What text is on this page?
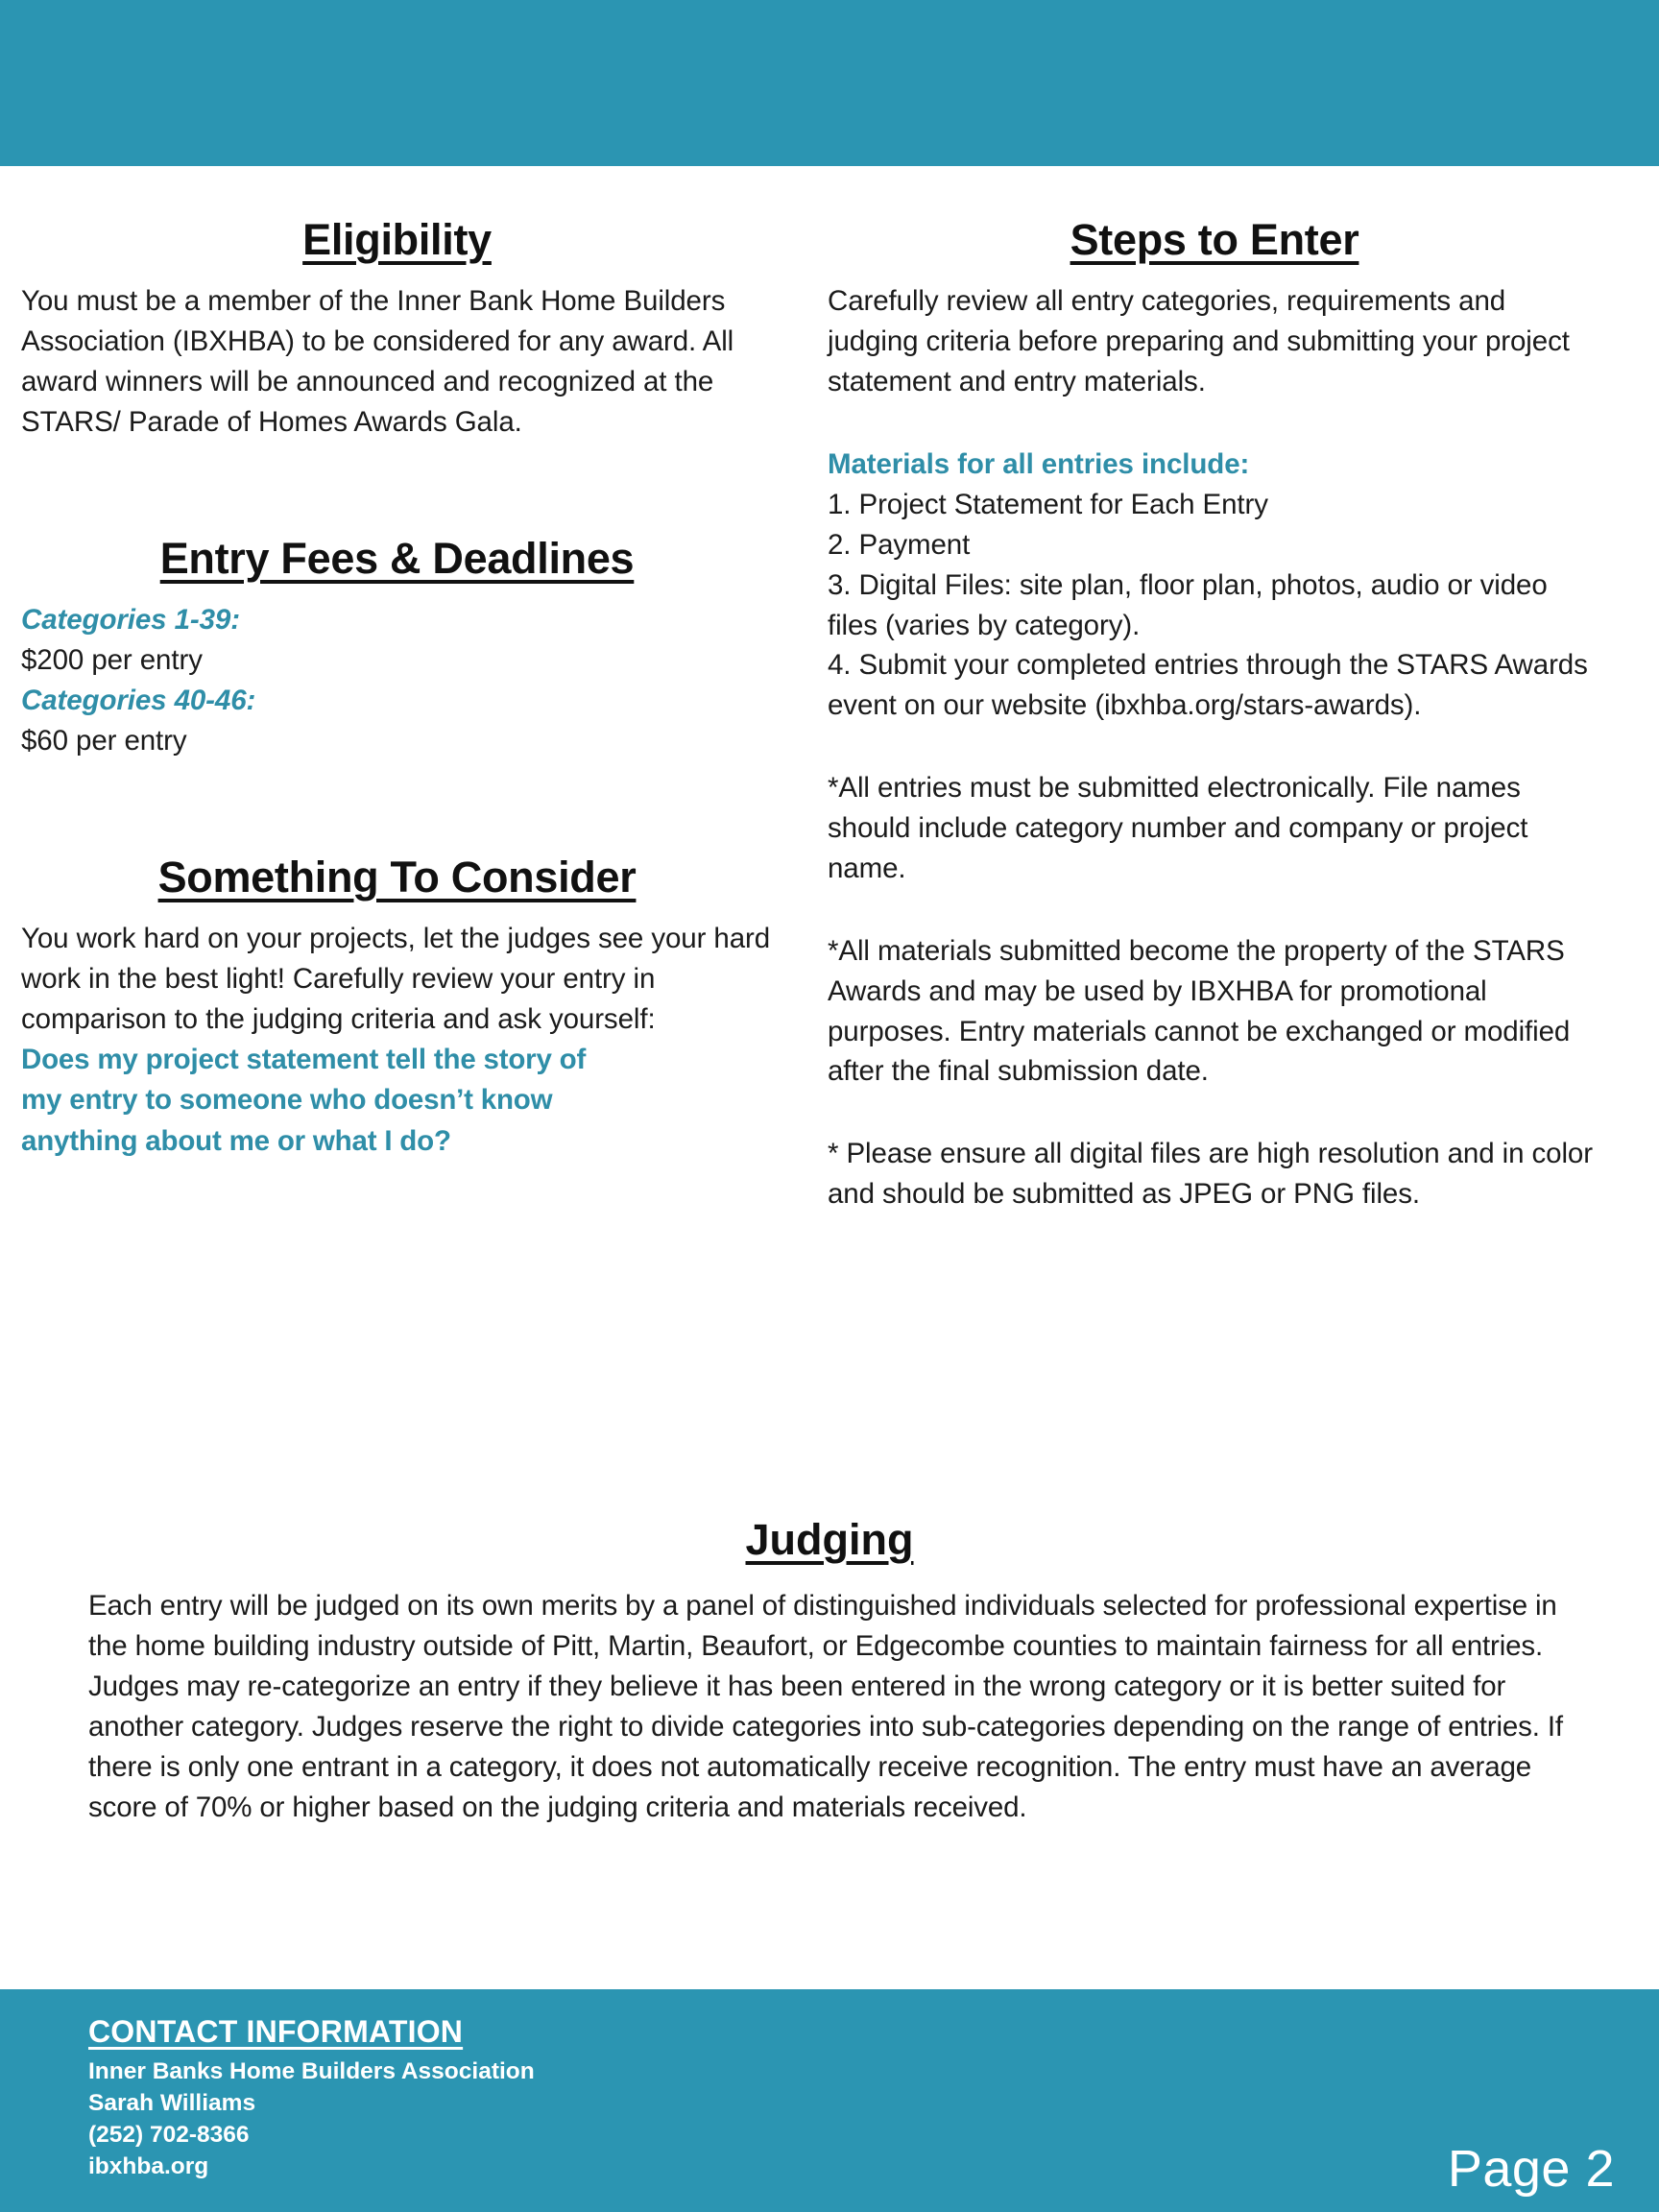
Eligibility

You must be a member of the Inner Bank Home Builders Association (IBXHBA) to be considered for any award. All award winners will be announced and recognized at the STARS/ Parade of Homes Awards Gala.

Entry Fees & Deadlines

Categories 1-39:

$200 per entry

Categories 40-46:

$60 per entry

Something To Consider

You work hard on your projects, let the judges see your hard work in the best light! Carefully review your entry in comparison to the judging criteria and ask yourself:

Does my project statement tell the story of

my entry to someone who doesn’t know

anything about me or what I do?

Steps to Enter

Carefully review all entry categories, requirements and judging criteria before preparing and submitting your project statement and entry materials.

Materials for all entries include:

1. Project Statement for Each Entry
2. Payment
3. Digital Files: site plan, floor plan, photos, audio or video files (varies by category).
4. Submit your completed entries through the STARS Awards event on our website (ibxhba.org/stars-awards).

*All entries must be submitted electronically. File names should include category number and company or project name.

*All materials submitted become the property of the STARS Awards and may be used by IBXHBA for promotional purposes. Entry materials cannot be exchanged or modified after the final submission date.

* Please ensure all digital files are high resolution and in color and should be submitted as JPEG or PNG files.

Judging

Each entry will be judged on its own merits by a panel of distinguished individuals selected for professional expertise in the home building industry outside of Pitt, Martin, Beaufort, or Edgecombe counties to maintain fairness for all entries. Judges may re-categorize an entry if they believe it has been entered in the wrong category or it is better suited for another category. Judges reserve the right to divide categories into sub-categories depending on the range of entries. If there is only one entrant in a category, it does not automatically receive recognition. The entry must have an average score of 70% or higher based on the judging criteria and materials received.

CONTACT INFORMATION
Inner Banks Home Builders Association
Sarah Williams
(252) 702-8366
ibxhba.org	Page 2
